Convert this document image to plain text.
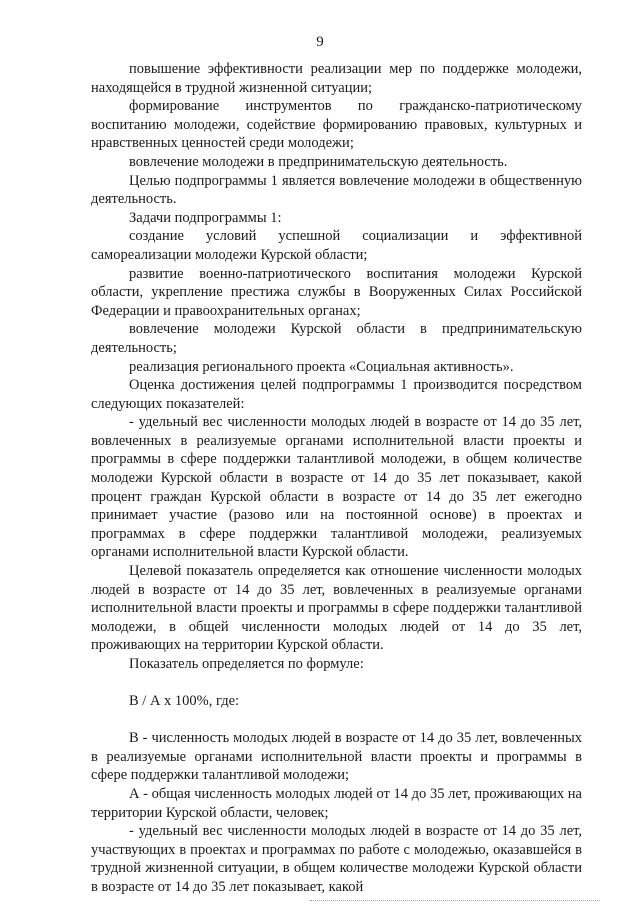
9

повышение эффективности реализации мер по поддержке молодежи, находящейся в трудной жизненной ситуации;

формирование инструментов по гражданско-патриотическому воспитанию молодежи, содействие формированию правовых, культурных и нравственных ценностей среди молодежи;

вовлечение молодежи в предпринимательскую деятельность.

Целью подпрограммы 1 является вовлечение молодежи в общественную деятельность.

Задачи подпрограммы 1:

создание условий успешной социализации и эффективной самореализации молодежи Курской области;

развитие военно-патриотического воспитания молодежи Курской области, укрепление престижа службы в Вооруженных Силах Российской Федерации и правоохранительных органах;

вовлечение молодежи Курской области в предпринимательскую деятельность;

реализация регионального проекта «Социальная активность».

Оценка достижения целей подпрограммы 1 производится посредством следующих показателей:

- удельный вес численности молодых людей в возрасте от 14 до 35 лет, вовлеченных в реализуемые органами исполнительной власти проекты и программы в сфере поддержки талантливой молодежи, в общем количестве молодежи Курской области в возрасте от 14 до 35 лет показывает, какой процент граждан Курской области в возрасте от 14 до 35 лет ежегодно принимает участие (разово или на постоянной основе) в проектах и программах в сфере поддержки талантливой молодежи, реализуемых органами исполнительной власти Курской области.

Целевой показатель определяется как отношение численности молодых людей в возрасте от 14 до 35 лет, вовлеченных в реализуемые органами исполнительной власти проекты и программы в сфере поддержки талантливой молодежи, в общей численности молодых людей от 14 до 35 лет, проживающих на территории Курской области.

Показатель определяется по формуле:

В / А х 100%, где:

В - численность молодых людей в возрасте от 14 до 35 лет, вовлеченных в реализуемые органами исполнительной власти проекты и программы в сфере поддержки талантливой молодежи;

А - общая численность молодых людей от 14 до 35 лет, проживающих на территории Курской области, человек;

- удельный вес численности молодых людей в возрасте от 14 до 35 лет, участвующих в проектах и программах по работе с молодежью, оказавшейся в трудной жизненной ситуации, в общем количестве молодежи Курской области в возрасте от 14 до 35 лет показывает, какой
